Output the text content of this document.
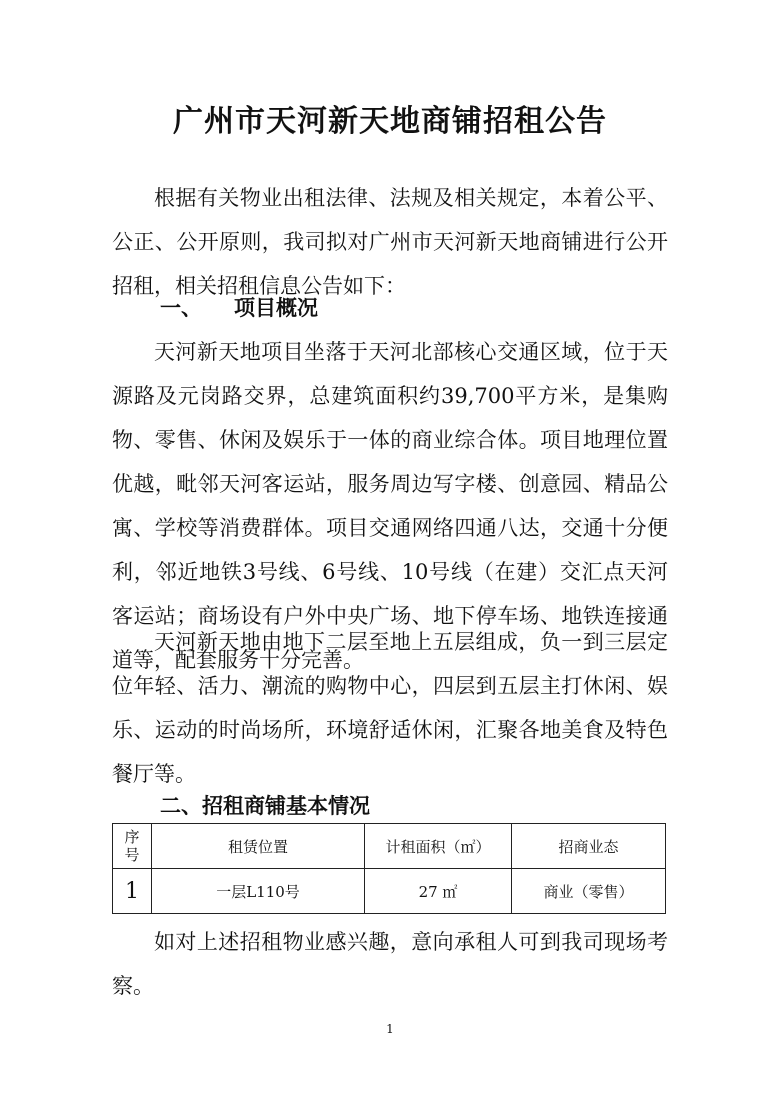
广州市天河新天地商铺招租公告

根据有关物业出租法律、法规及相关规定，本着公平、公正、公开原则，我司拟对广州市天河新天地商铺进行公开招租，相关招租信息公告如下：

一、 项目概况

天河新天地项目坐落于天河北部核心交通区域，位于天源路及元岗路交界，总建筑面积约39,700平方米，是集购物、零售、休闲及娱乐于一体的商业综合体。项目地理位置优越，毗邻天河客运站，服务周边写字楼、创意园、精品公寓、学校等消费群体。项目交通网络四通八达，交通十分便利，邻近地铁3号线、6号线、10号线（在建）交汇点天河客运站；商场设有户外中央广场、地下停车场、地铁连接通道等，配套服务十分完善。

天河新天地由地下二层至地上五层组成，负一到三层定位年轻、活力、潮流的购物中心，四层到五层主打休闲、娱乐、运动的时尚场所，环境舒适休闲，汇聚各地美食及特色餐厅等。

二、招租商铺基本情况
序
号	租赁位置	计租面积（㎡）	招商业态
1	一层L110号	27 ㎡	商业（零售）

如对上述招租物业感兴趣，意向承租人可到我司现场考察。

1
